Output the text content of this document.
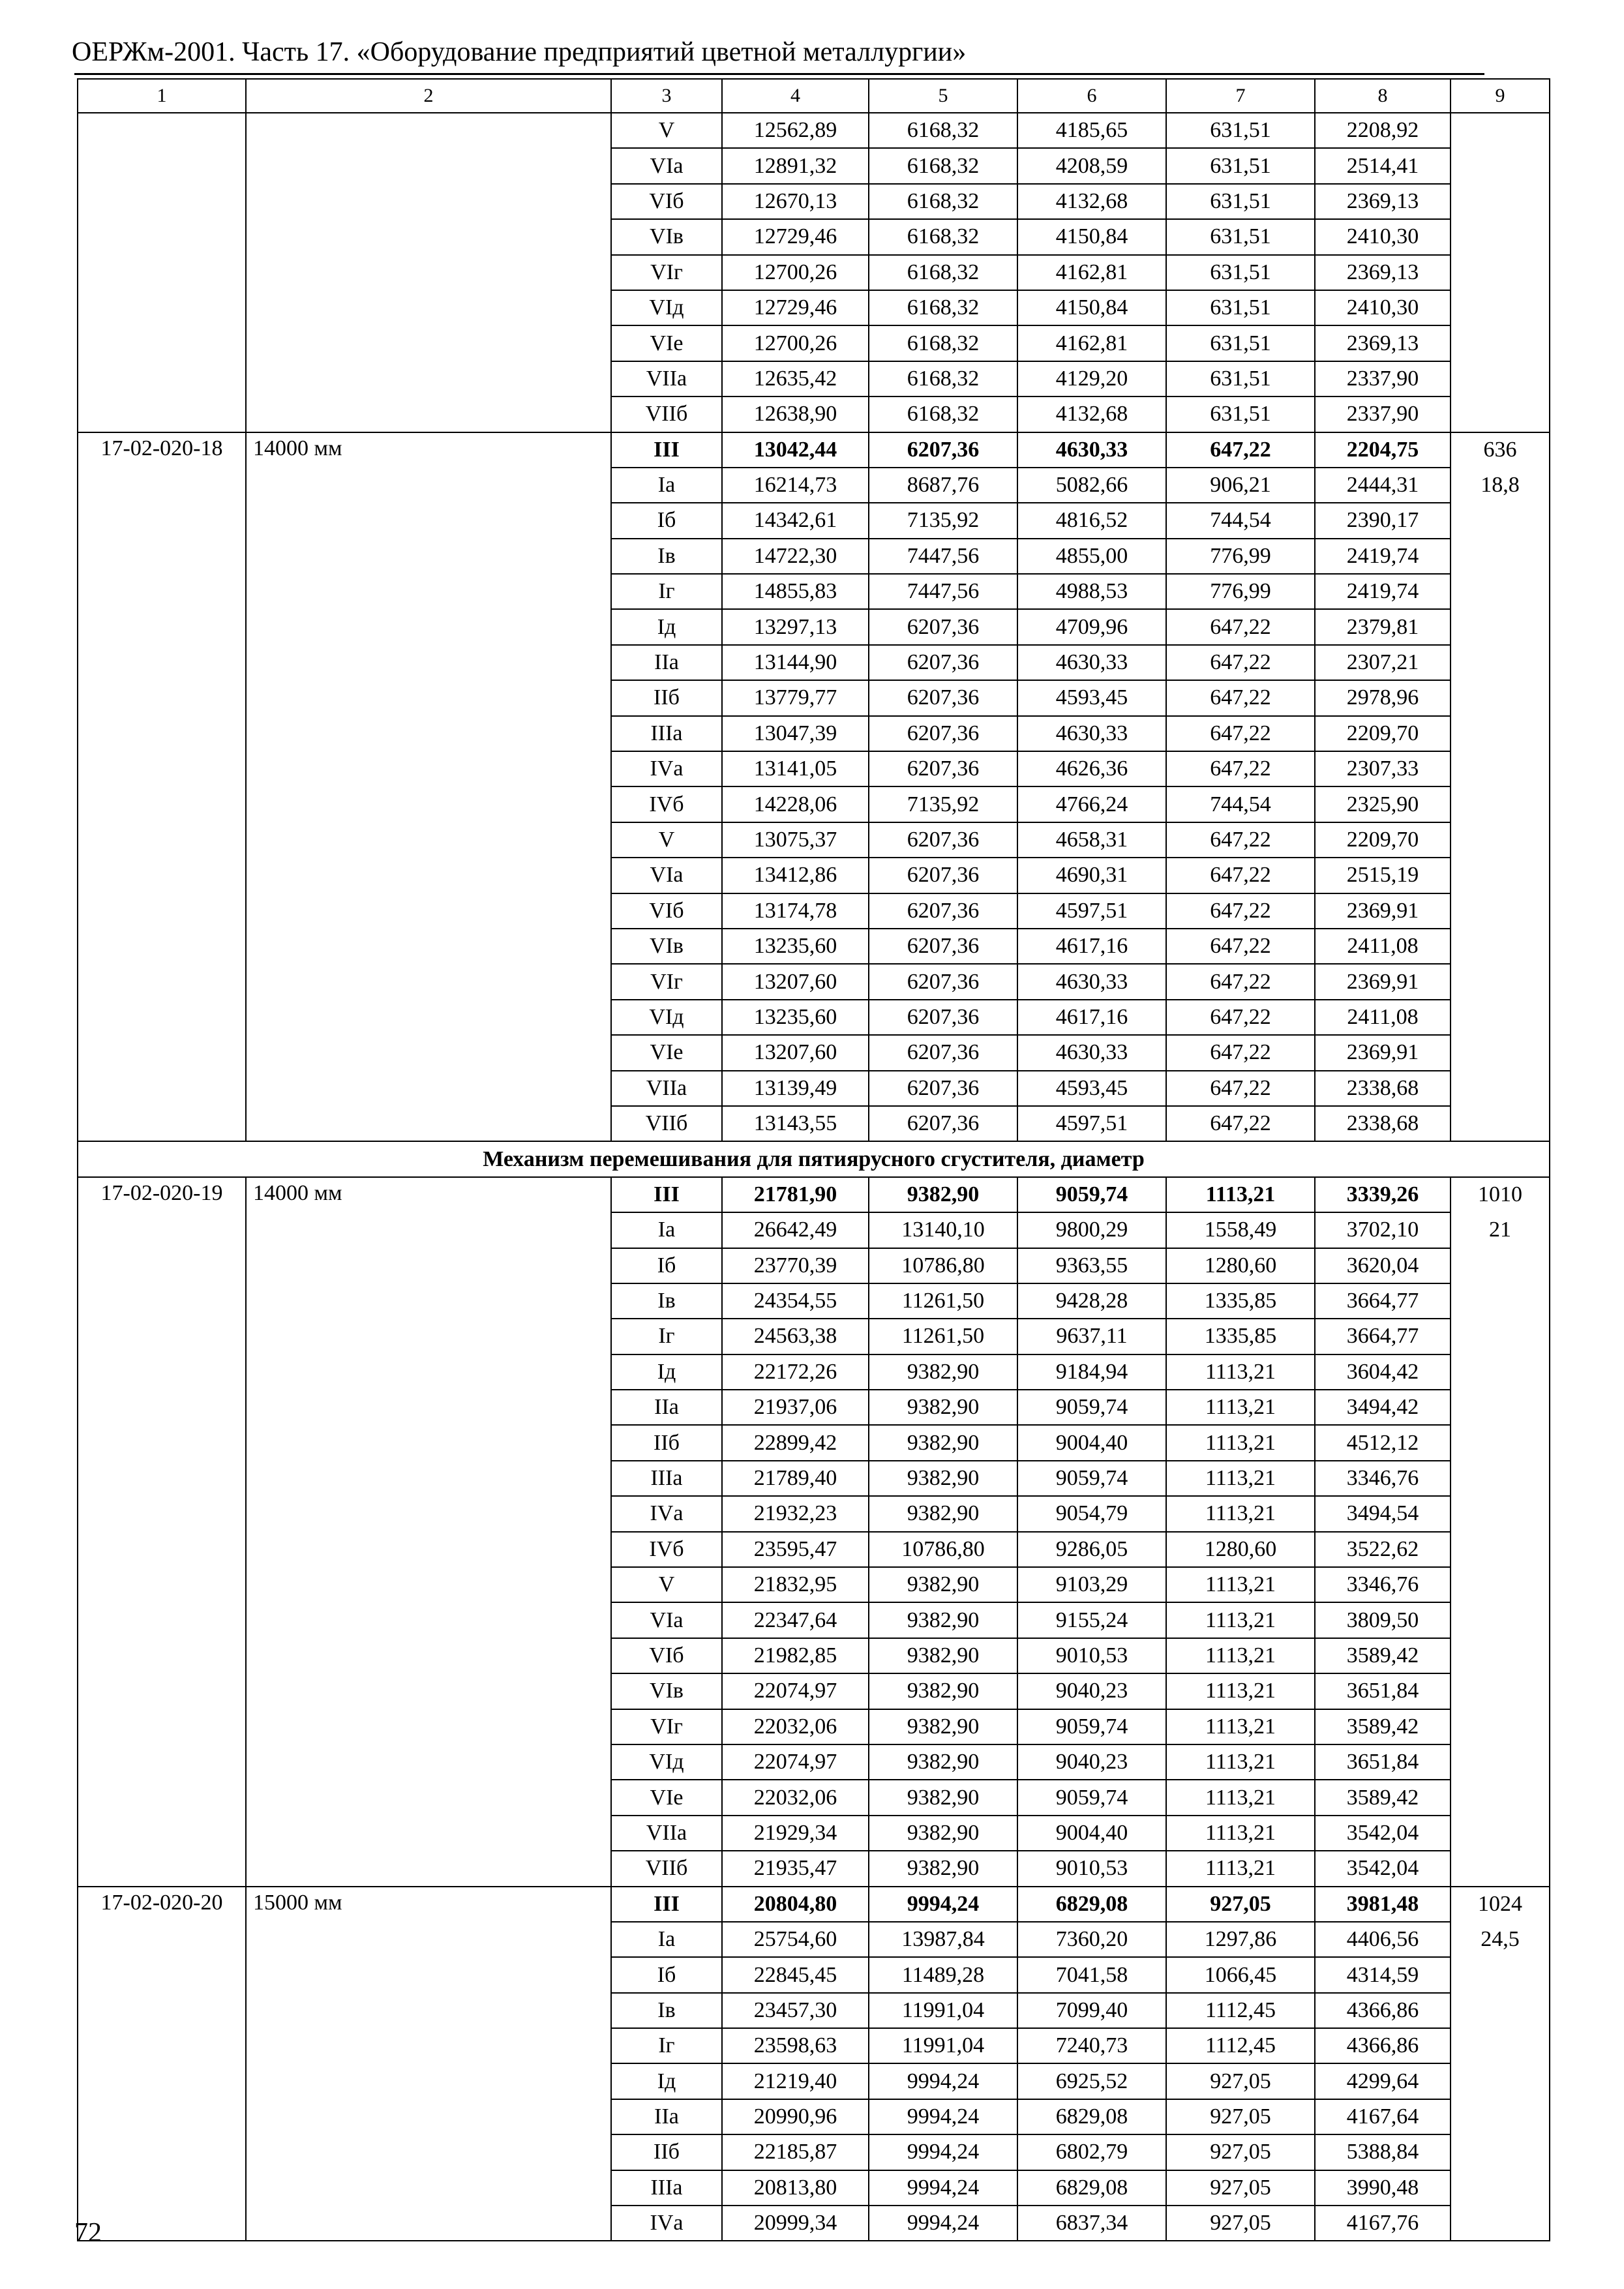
ОЕРЖм-2001. Часть 17. «Оборудование предприятий цветной металлургии»
1	2	3	4	5	6	7	8	9
		V	12562,89	6168,32	4185,65	631,51	2208,92	
		VIа	12891,32	6168,32	4208,59	631,51	2514,41	
		VIб	12670,13	6168,32	4132,68	631,51	2369,13	
		VIв	12729,46	6168,32	4150,84	631,51	2410,30	
		VIг	12700,26	6168,32	4162,81	631,51	2369,13	
		VIд	12729,46	6168,32	4150,84	631,51	2410,30	
		VIе	12700,26	6168,32	4162,81	631,51	2369,13	
		VIIа	12635,42	6168,32	4129,20	631,51	2337,90	
		VIIб	12638,90	6168,32	4132,68	631,51	2337,90	
17-02-020-18	14000 мм	III	13042,44	6207,36	4630,33	647,22	2204,75	636
		Iа	16214,73	8687,76	5082,66	906,21	2444,31	18,8
		Iб	14342,61	7135,92	4816,52	744,54	2390,17	
		Iв	14722,30	7447,56	4855,00	776,99	2419,74	
		Iг	14855,83	7447,56	4988,53	776,99	2419,74	
		Iд	13297,13	6207,36	4709,96	647,22	2379,81	
		IIа	13144,90	6207,36	4630,33	647,22	2307,21	
		IIб	13779,77	6207,36	4593,45	647,22	2978,96	
		IIIа	13047,39	6207,36	4630,33	647,22	2209,70	
		IVа	13141,05	6207,36	4626,36	647,22	2307,33	
		IVб	14228,06	7135,92	4766,24	744,54	2325,90	
		V	13075,37	6207,36	4658,31	647,22	2209,70	
		VIа	13412,86	6207,36	4690,31	647,22	2515,19	
		VIб	13174,78	6207,36	4597,51	647,22	2369,91	
		VIв	13235,60	6207,36	4617,16	647,22	2411,08	
		VIг	13207,60	6207,36	4630,33	647,22	2369,91	
		VIд	13235,60	6207,36	4617,16	647,22	2411,08	
		VIе	13207,60	6207,36	4630,33	647,22	2369,91	
		VIIа	13139,49	6207,36	4593,45	647,22	2338,68	
		VIIб	13143,55	6207,36	4597,51	647,22	2338,68	
Механизм перемешивания для пятиярусного сгустителя, диаметр								
17-02-020-19	14000 мм	III	21781,90	9382,90	9059,74	1113,21	3339,26	1010
		Iа	26642,49	13140,10	9800,29	1558,49	3702,10	21
		Iб	23770,39	10786,80	9363,55	1280,60	3620,04	
		Iв	24354,55	11261,50	9428,28	1335,85	3664,77	
		Iг	24563,38	11261,50	9637,11	1335,85	3664,77	
		Iд	22172,26	9382,90	9184,94	1113,21	3604,42	
		IIа	21937,06	9382,90	9059,74	1113,21	3494,42	
		IIб	22899,42	9382,90	9004,40	1113,21	4512,12	
		IIIа	21789,40	9382,90	9059,74	1113,21	3346,76	
		IVа	21932,23	9382,90	9054,79	1113,21	3494,54	
		IVб	23595,47	10786,80	9286,05	1280,60	3522,62	
		V	21832,95	9382,90	9103,29	1113,21	3346,76	
		VIа	22347,64	9382,90	9155,24	1113,21	3809,50	
		VIб	21982,85	9382,90	9010,53	1113,21	3589,42	
		VIв	22074,97	9382,90	9040,23	1113,21	3651,84	
		VIг	22032,06	9382,90	9059,74	1113,21	3589,42	
		VIд	22074,97	9382,90	9040,23	1113,21	3651,84	
		VIе	22032,06	9382,90	9059,74	1113,21	3589,42	
		VIIа	21929,34	9382,90	9004,40	1113,21	3542,04	
		VIIб	21935,47	9382,90	9010,53	1113,21	3542,04	
17-02-020-20	15000 мм	III	20804,80	9994,24	6829,08	927,05	3981,48	1024
		Iа	25754,60	13987,84	7360,20	1297,86	4406,56	24,5
		Iб	22845,45	11489,28	7041,58	1066,45	4314,59	
		Iв	23457,30	11991,04	7099,40	1112,45	4366,86	
		Iг	23598,63	11991,04	7240,73	1112,45	4366,86	
		Iд	21219,40	9994,24	6925,52	927,05	4299,64	
		IIа	20990,96	9994,24	6829,08	927,05	4167,64	
		IIб	22185,87	9994,24	6802,79	927,05	5388,84	
		IIIа	20813,80	9994,24	6829,08	927,05	3990,48	
		IVа	20999,34	9994,24	6837,34	927,05	4167,76	
72
